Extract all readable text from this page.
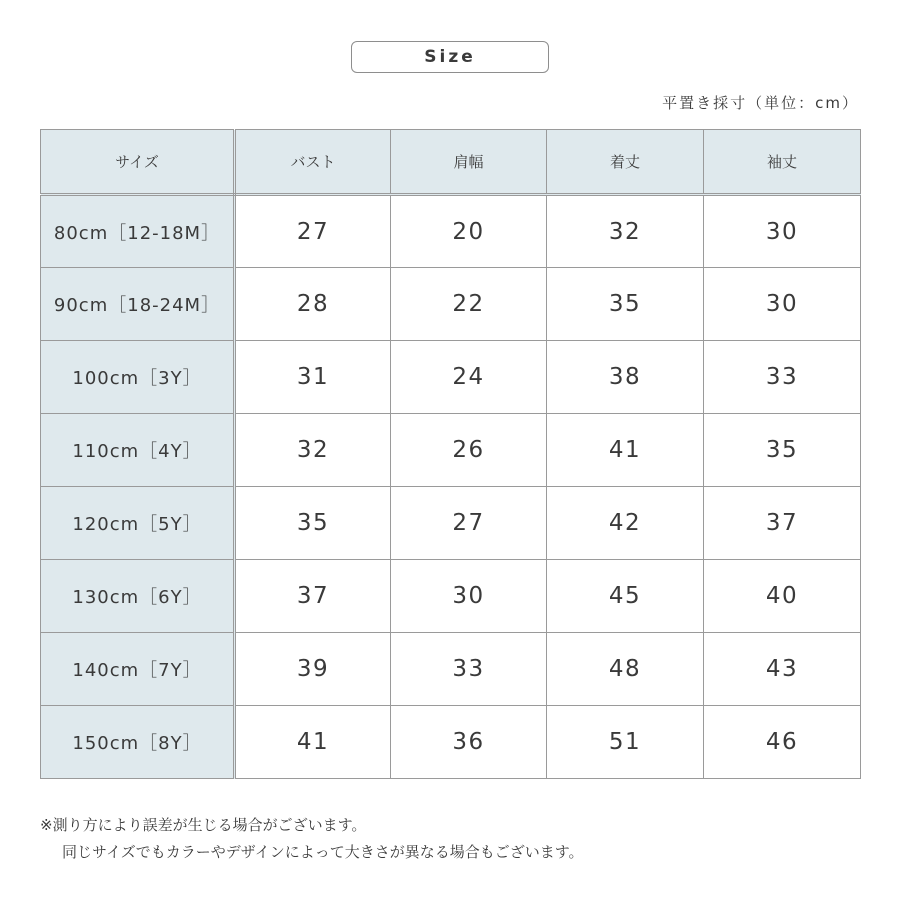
Size
平置き採寸（単位：cm）
サイズ	バスト	肩幅	着丈	袖丈
80cm［12-18M］	27	20	32	30
90cm［18-24M］	28	22	35	30
100cm［3Y］	31	24	38	33
110cm［4Y］	32	26	41	35
120cm［5Y］	35	27	42	37
130cm［6Y］	37	30	45	40
140cm［7Y］	39	33	48	43
150cm［8Y］	41	36	51	46
※測り方により誤差が生じる場合がございます。
同じサイズでもカラーやデザインによって大きさが異なる場合もございます。
